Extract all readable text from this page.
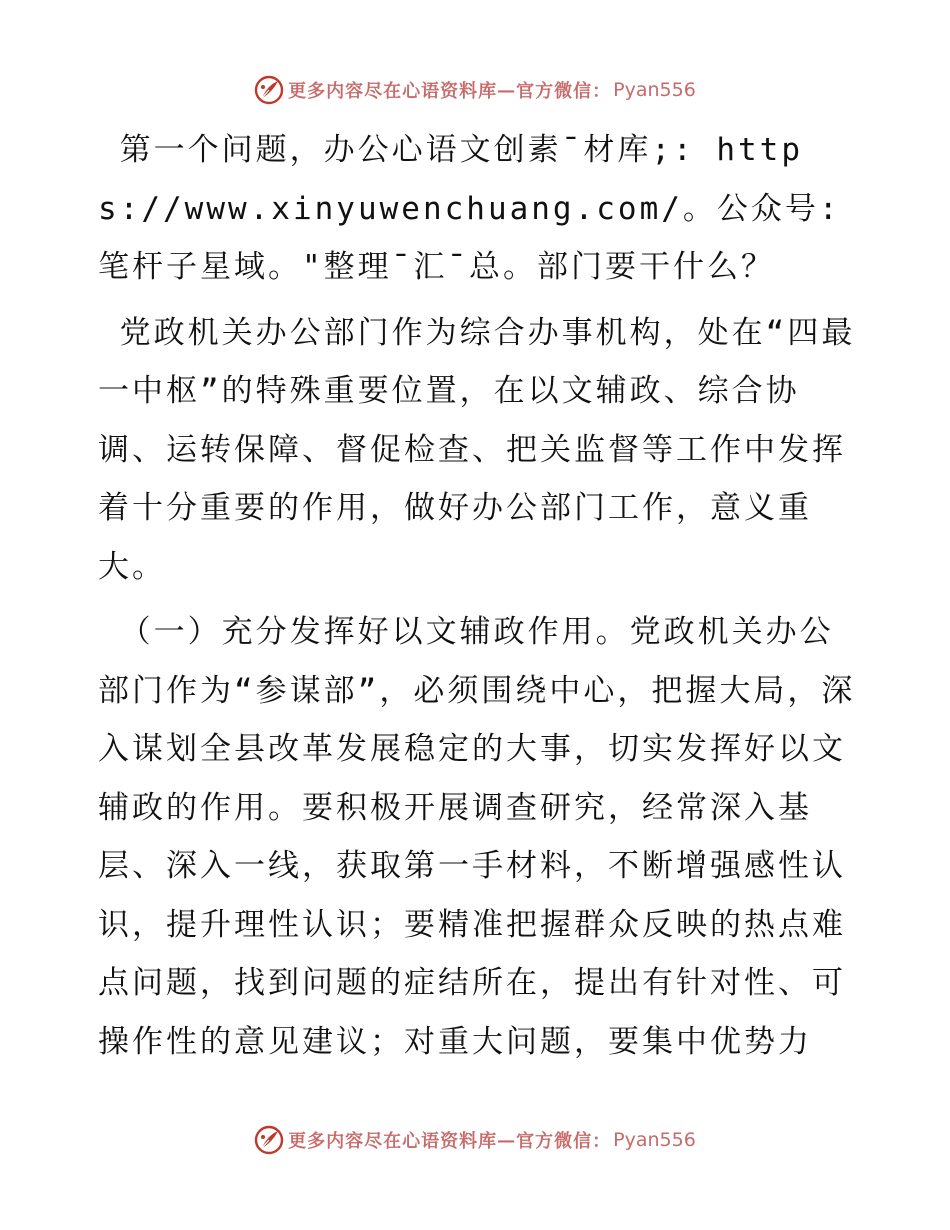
更多内容尽在心语资料库 — 官方微信： Pyan556

第一个问题，办公心语文创素¯材库;: https://www.xinyuwenchuang.com/。公众号: 笔杆子星域。"整理¯汇¯总。部门要干什么？

党政机关办公部门作为综合办事机构，处在“四最一中枢”的特殊重要位置，在以文辅政、综合协调、运转保障、督促检查、把关监督等工作中发挥着十分重要的作用，做好办公部门工作，意义重大。

（一）充分发挥好以文辅政作用。党政机关办公部门作为“参谋部”，必须围绕中心，把握大局，深入谋划全县改革发展稳定的大事，切实发挥好以文辅政的作用。要积极开展调查研究，经常深入基层、深入一线，获取第一手材料，不断增强感性认识，提升理性认识；要精准把握群众反映的热点难点问题，找到问题的症结所在，提出有针对性、可操作性的意见建议；对重大问题，要集中优势力

更多内容尽在心语资料库 — 官方微信： Pyan556
